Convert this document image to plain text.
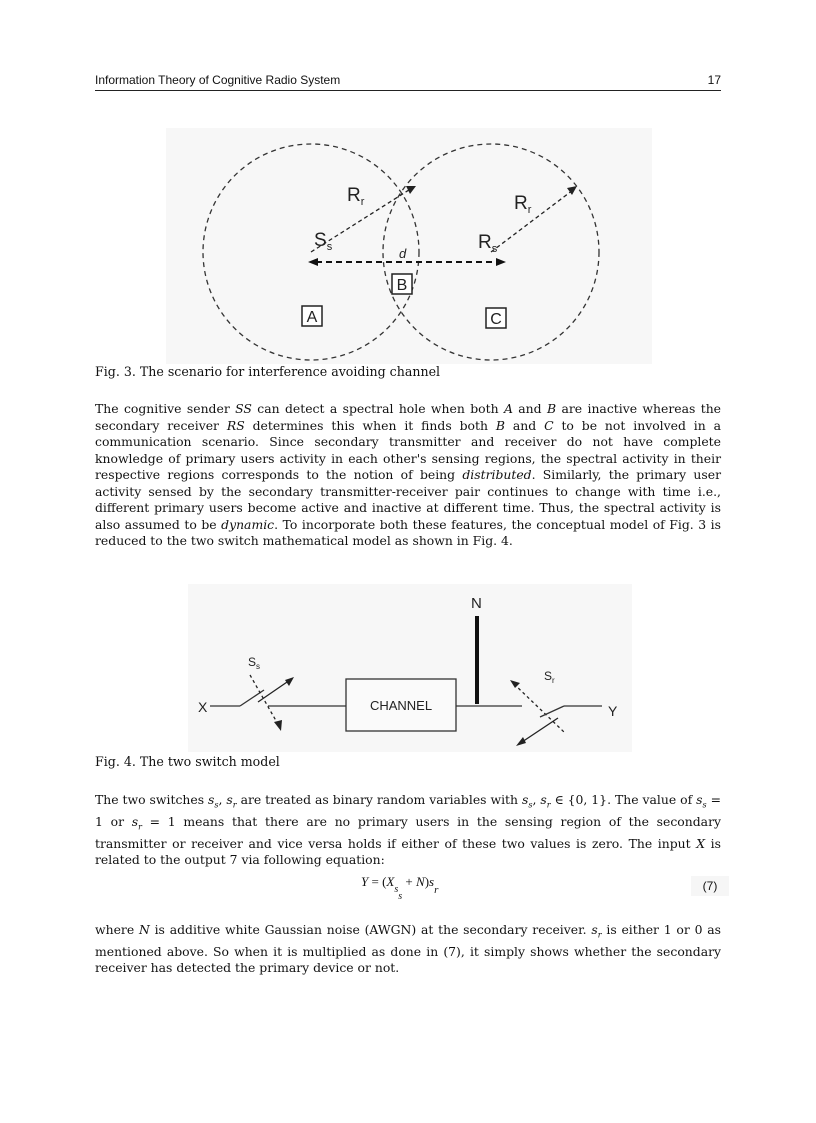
Information Theory of Cognitive Radio System	17
$R_r$	$R_r$
$S_s$	d
$R_s$
B
A	C
Fig. 3. The scenario for interference avoiding channel

The cognitive sender SS can detect a spectral hole when both A and B are inactive whereas the secondary receiver RS determines this when it finds both B and C to be not involved in a communication scenario. Since secondary transmitter and receiver do not have complete knowledge of primary users activity in each other's sensing regions, the spectral activity in their respective regions corresponds to the notion of being distributed. Similarly, the primary user activity sensed by the secondary transmitter-receiver pair continues to change with time i.e., different primary users become active and inactive at different time. Thus, the spectral activity is also assumed to be dynamic. To incorporate both these features, the conceptual model of Fig. 3 is reduced to the two switch mathematical model as shown in Fig. 4.

N
X
$S_s$
CHANNEL	Y
$S_r$
Fig. 4. The two switch model

The two switches $s_s$, $s_r$ are treated as binary random variables with $s_s$, $s_r$ ∈ {0, 1}. The value of $s_s = 1$ or $s_r = 1$ means that there are no primary users in the sensing region of the secondary transmitter or receiver and vice versa holds if either of these two values is zero. The input X is related to the output 7 via following equation:

$Y = (X_{s_s} + N)s_r$	(7)

where N is additive white Gaussian noise (AWGN) at the secondary receiver. $s_r$ is either 1 or 0 as mentioned above. So when it is multiplied as done in (7), it simply shows whether the secondary receiver has detected the primary device or not.
